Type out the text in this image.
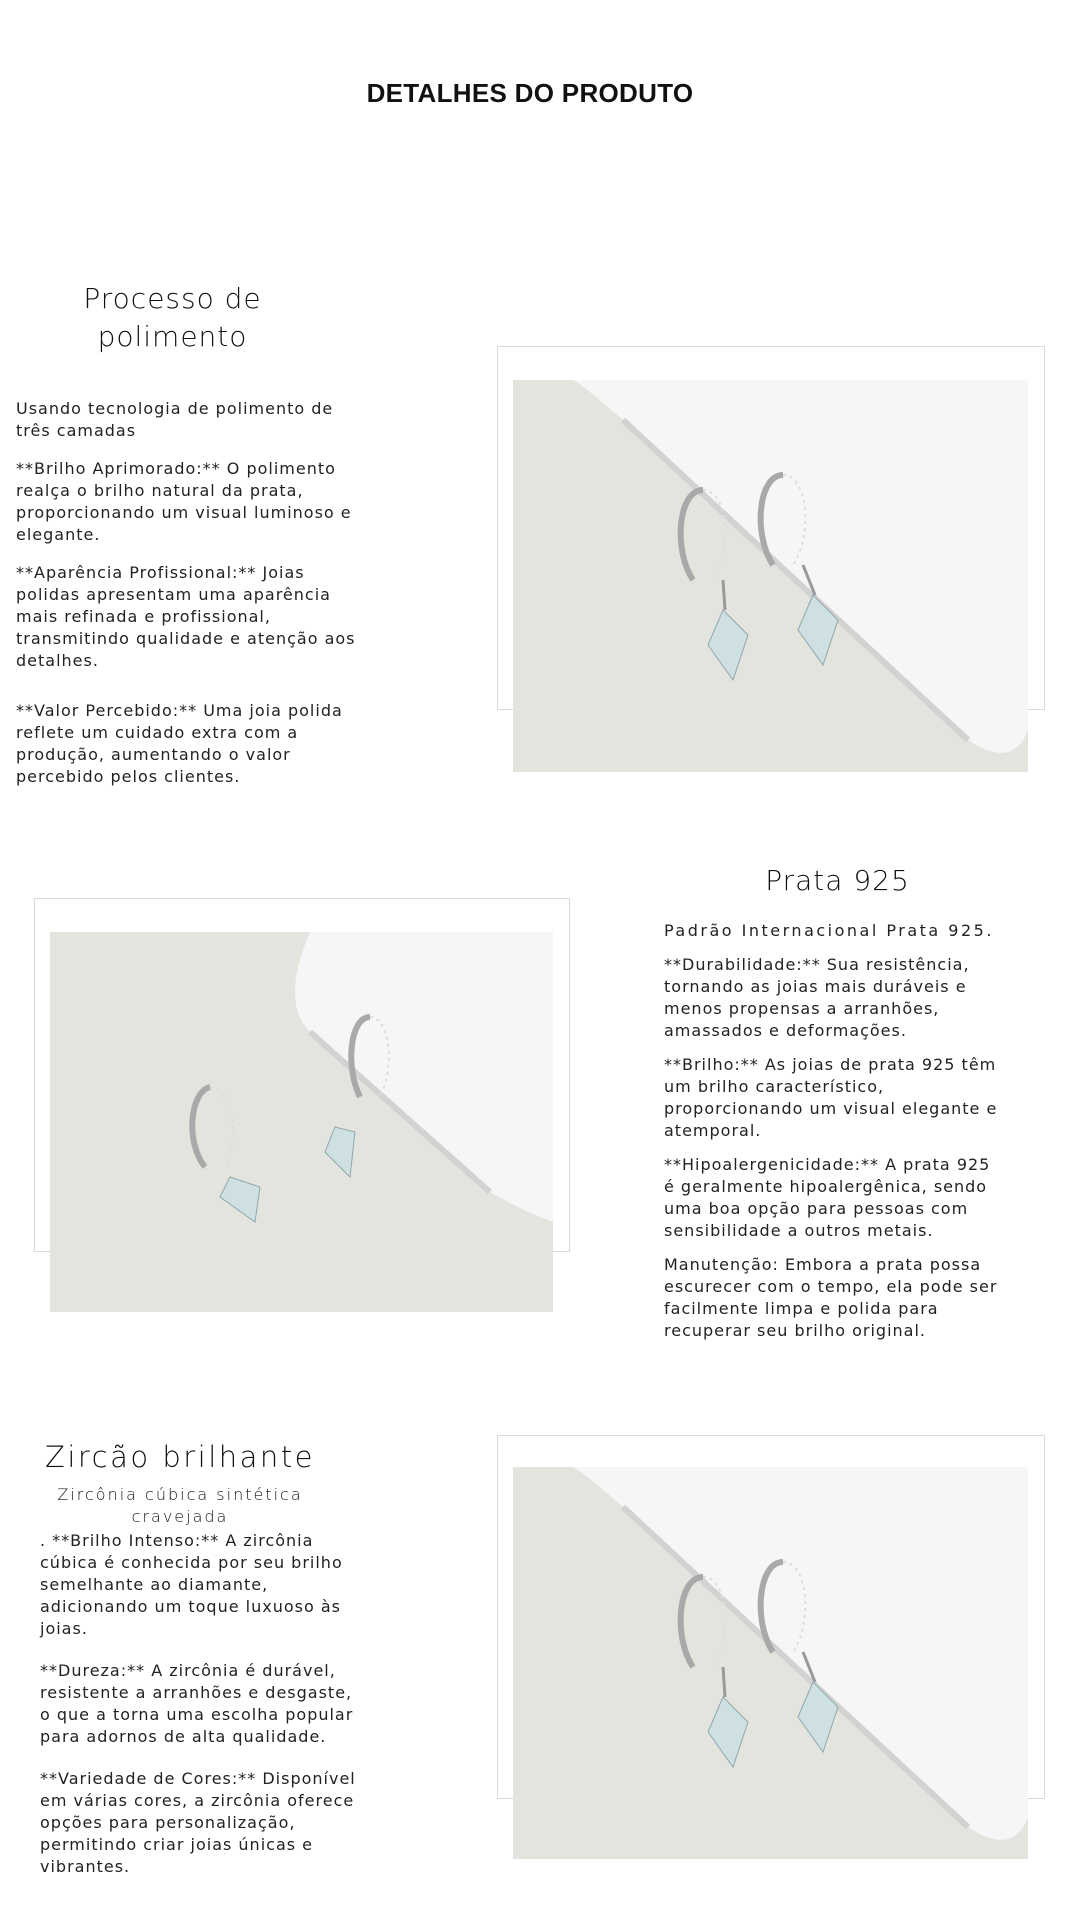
DETALHES DO PRODUTO
Processo de polimento

Usando tecnologia de polimento de três camadas

**Brilho Aprimorado:** O polimento realça o brilho natural da prata, proporcionando um visual luminoso e elegante.

**Aparência Profissional:** Joias polidas apresentam uma aparência mais refinada e profissional, transmitindo qualidade e atenção aos detalhes.

**Valor Percebido:** Uma joia polida reflete um cuidado extra com a produção, aumentando o valor percebido pelos clientes.

Prata 925

Padrão Internacional Prata 925.

**Durabilidade:** Sua resistência, tornando as joias mais duráveis e menos propensas a arranhões, amassados e deformações.

**Brilho:** As joias de prata 925 têm um brilho característico, proporcionando um visual elegante e atemporal.

**Hipoalergenicidade:** A prata 925 é geralmente hipoalergênica, sendo uma boa opção para pessoas com sensibilidade a outros metais.

Manutenção: Embora a prata possa escurecer com o tempo, ela pode ser facilmente limpa e polida para recuperar seu brilho original.

Zircão brilhante
Zircônia cúbica sintética cravejada

. **Brilho Intenso:** A zircônia cúbica é conhecida por seu brilho semelhante ao diamante, adicionando um toque luxuoso às joias.

**Dureza:** A zircônia é durável, resistente a arranhões e desgaste, o que a torna uma escolha popular para adornos de alta qualidade.

**Variedade de Cores:** Disponível em várias cores, a zircônia oferece opções para personalização, permitindo criar joias únicas e vibrantes.
